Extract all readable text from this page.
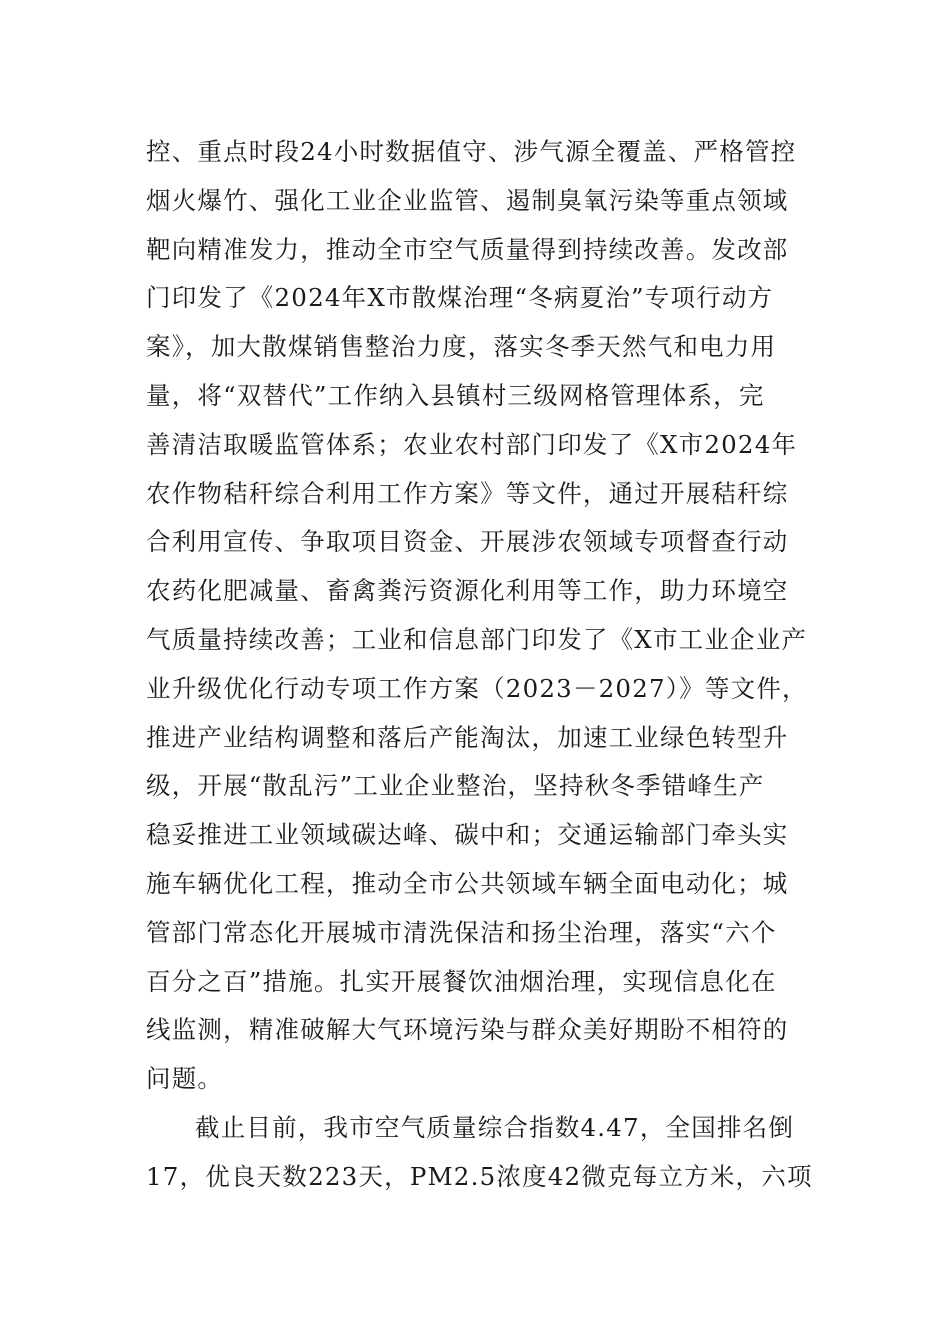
控、重点时段24小时数据值守、涉气源全覆盖、严格管控
烟火爆竹、强化工业企业监管、遏制臭氧污染等重点领域
靶向精准发力，推动全市空气质量得到持续改善。发改部
门印发了《2024年X市散煤治理“冬病夏治”专项行动方
案》，加大散煤销售整治力度，落实冬季天然气和电力用
量，将“双替代”工作纳入县镇村三级网格管理体系，完
善清洁取暖监管体系；农业农村部门印发了《X市2024年
农作物秸秆综合利用工作方案》等文件，通过开展秸秆综
合利用宣传、争取项目资金、开展涉农领域专项督查行动
农药化肥减量、畜禽粪污资源化利用等工作，助力环境空
气质量持续改善；工业和信息部门印发了《X市工业企业产
业升级优化行动专项工作方案（2023－2027）》等文件，
推进产业结构调整和落后产能淘汰，加速工业绿色转型升
级，开展“散乱污”工业企业整治，坚持秋冬季错峰生产
稳妥推进工业领域碳达峰、碳中和；交通运输部门牵头实
施车辆优化工程，推动全市公共领域车辆全面电动化；城
管部门常态化开展城市清洗保洁和扬尘治理，落实“六个
百分之百”措施。扎实开展餐饮油烟治理，实现信息化在
线监测，精准破解大气环境污染与群众美好期盼不相符的
问题。
截止目前，我市空气质量综合指数4.47，全国排名倒
17，优良天数223天，PM2.5浓度42微克每立方米，六项
